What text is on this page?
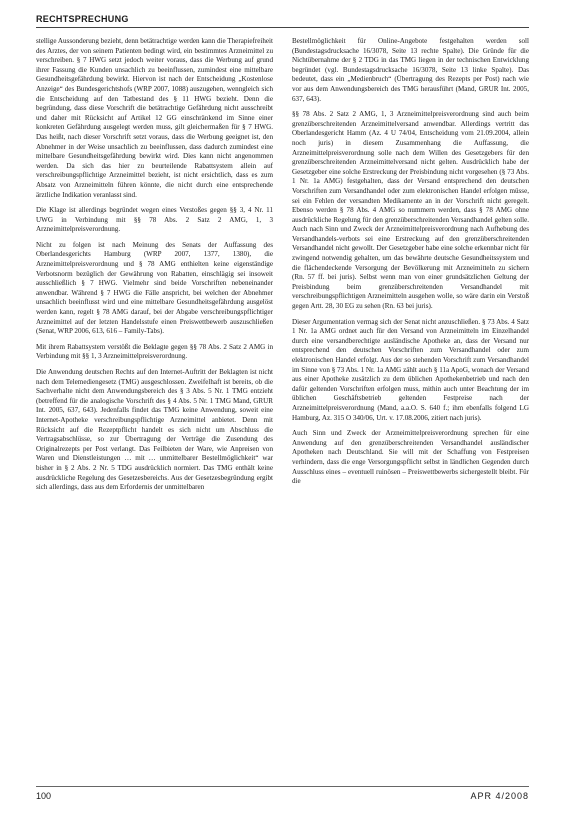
RECHTSPRECHUNG

stellige Aussonderung bezieht, denn betätrachtige werden kann die Therapiefreiheit des Arztes, der von seinem Patienten bedingt wird, ein bestimmtes Arzneimittel zu verschreiben. § 7 HWG setzt jedoch weiter voraus, dass die Werbung auf grund ihrer Fassung die Kunden unsachlich zu beeinflussen, zumindest eine mittelbare Gesundheitsgefährdung bewirkt. Hiervon ist nach der Entscheidung „Kostenlose Anzeige“ des Bundesgerichtshofs (WRP 2007, 1088) auszugehen, wenngleich sich die Entscheidung auf den Tatbestand des § 11 HWG bezieht. Denn die begründung, dass diese Vorschrift die betätrachtige Gefährdung nicht ausschreibt und daher mit Rücksicht auf Artikel 12 GG einschränkend im Sinne einer konkreten Gefährdung ausgelegt werden muss, gilt gleichermaßen für § 7 HWG. Das heißt, nach dieser Vorschrift setzt voraus, dass die Werbung geeignet ist, den Abnehmer in der Weise unsachlich zu beeinflussen, dass dadurch zumindest eine mittelbare Gesundheitsgefährdung bewirkt wird. Dies kann nicht angenommen werden. Da sich das hier zu beurteilende Rabattsystem allein auf verschreibungspflichtige Arzneimittel bezieht, ist nicht ersichtlich, dass es zum Absatz von Arzneimitteln führen könnte, die nicht durch eine entsprechende ärztliche Indikation veranlasst sind.

Die Klage ist allerdings begründet wegen eines Verstoßes gegen §§ 3, 4 Nr. 11 UWG in Verbindung mit §§ 78 Abs. 2 Satz 2 AMG, 1, 3 Arzneimittelpreisverordnung.

Nicht zu folgen ist nach Meinung des Senats der Auffassung des Oberlandesgerichts Hamburg (WRP 2007, 1377, 1380), die Arzneimittelpreisverordnung und § 78 AMG enthielten keine eigenständige Verbotsnorm bezüglich der Gewährung von Rabatten, einschlägig sei insoweit ausschließlich § 7 HWG. Vielmehr sind beide Vorschriften nebeneinander anwendbar. Während § 7 HWG die Fälle anspricht, bei welchen der Abnehmer unsachlich beeinflusst wird und eine mittelbare Gesundheitsgefährdung ausgelöst werden kann, regelt § 78 AMG darauf, bei der Abgabe verschreibungspflichtiger Arzneimittel auf der letzten Handelsstufe einen Preiswettbewerb auszuschließen (Senat, WRP 2006, 613, 616 – Family-Tabs).

Mit ihrem Rabattsystem verstößt die Beklagte gegen §§ 78 Abs. 2 Satz 2 AMG in Verbindung mit §§ 1, 3 Arzneimittelpreisverordnung.

Die Anwendung deutschen Rechts auf den Internet-Auftritt der Beklagten ist nicht nach dem Telemediengesetz (TMG) ausgeschlossen. Zweifelhaft ist bereits, ob die Sachverhalte nicht dem Anwendungsbereich des § 3 Abs. 5 Nr. 1 TMG entzieht (betreffend für die analogische Vorschrift des § 4 Abs. 5 Nr. 1 TMG Mand, GRUR Int. 2005, 637, 643). Jedenfalls findet das TMG keine Anwendung, soweit eine Internet-Apotheke verschreibungspflichtige Arzneimittel anbietet. Denn mit Rücksicht auf die Rezeptpflicht handelt es sich nicht um Abschluss die Vertragsabschlüsse, so zur Übertragung der Verträge die Zusendung des Originalrezepts per Post verlangt. Das Feilbieten der Ware, wie Anpreisen von Waren und Dienstleistungen … mit … unmittelbarer Bestellmöglichkeit“ war bisher in § 2 Abs. 2 Nr. 5 TDG ausdrücklich normiert. Das TMG enthält keine ausdrückliche Regelung des Gesetzesbereichs. Aus der Gesetzesbegründung ergibt sich allerdings, dass aus dem Erfordernis der unmittelbaren

Bestellmöglichkeit für Online-Angebote festgehalten werden soll (Bundestagsdrucksache 16/3078, Seite 13 rechte Spalte). Die Gründe für die Nichtübernahme der § 2 TDG in das TMG liegen in der technischen Entwicklung begründet (vgl. Bundestagsdrucksache 16/3078, Seite 13 linke Spalte). Das bedeutet, dass ein „Medienbruch“ (Übertragung des Rezepts per Post) nach wie vor aus dem Anwendungsbereich des TMG herausführt (Mand, GRUR Int. 2005, 637, 643).

§§ 78 Abs. 2 Satz 2 AMG, 1, 3 Arzneimittelpreisverordnung sind auch beim grenzüberschreitenden Arzneimittelversand anwendbar. Allerdings vertritt das Oberlandesgericht Hamm (Az. 4 U 74/04, Entscheidung vom 21.09.2004, allein noch juris) in diesem Zusammenhang die Auffassung, die Arzneimittelpreisverordnung solle nach dem Willen des Gesetzgebers für den grenzüberschreitenden Arzneimittelversand nicht gelten. Ausdrücklich habe der Gesetzgeber eine solche Erstreckung der Preisbindung nicht vorgesehen (§ 73 Abs. 1 Nr. 1a AMG) festgehalten, dass der Versand entsprechend den deutschen Vorschriften zum Versandhandel oder zum elektronischen Handel erfolgen müsse, sei ein Fehlen der versandten Medikamente an in der Vorschrift nicht geregelt. Ebenso werden § 78 Abs. 4 AMG so nummern werden, dass § 78 AMG ohne ausdrückliche Regelung für den grenzüberschreitenden Versandhandel gelten solle. Auch nach Sinn und Zweck der Arzneimittelpreisverordnung nach Aufhebung des Versandhandels-verbots sei eine Erstreckung auf den grenzüberschreitenden Versandhandel nicht gewollt. Der Gesetzgeber habe eine solche erkennbar nicht für zwingend notwendig gehalten, um das bewährte deutsche Gesundheitssystem und die flächendeckende Versorgung der Bevölkerung mit Arzneimitteln zu sichern (Rn. 57 ff. bei juris). Selbst wenn man von einer grundsätzlichen Geltung der Preisbindung beim grenzüberschreitenden Versandhandel mit verschreibungspflichtigen Arzneimitteln ausgehen wolle, so wäre darin ein Verstoß gegen Artt. 28, 30 EG zu sehen (Rn. 63 bei juris).

Dieser Argumentation vermag sich der Senat nicht anzuschließen. § 73 Abs. 4 Satz 1 Nr. 1a AMG ordnet auch für den Versand von Arzneimitteln im Einzelhandel durch eine versandberechtigte ausländische Apotheke an, dass der Versand nur entsprechend den deutschen Vorschriften zum Versandhandel oder zum elektronischen Handel erfolgt. Aus der so stehenden Vorschrift zum Versandhandel im Sinne von § 73 Abs. 1 Nr. 1a AMG zählt auch § 11a ApoG, wonach der Versand aus einer Apotheke zusätzlich zu dem üblichen Apothekenbetrieb und nach den dafür geltenden Vorschriften erfolgen muss, mithin auch unter Beachtung der im üblichen Geschäftsbetrieb geltenden Festpreise nach der Arzneimittelpreisverordnung (Mand, a.a.O. S. 640 f.; ihm ebenfalls folgend LG Hamburg, Az. 315 O 340/06, Urt. v. 17.08.2006, zitiert nach juris).

Auch Sinn und Zweck der Arzneimittelpreisverordnung sprechen für eine Anwendung auf den grenzüberschreitenden Versandhandel ausländischer Apotheken nach Deutschland. Sie will mit der Schaffung von Festpreisen verhindern, dass die enge Versorgungspflicht selbst in ländlichen Gegenden durch Ausschluss eines – eventuell ruinösen – Preiswettbewerbs sichergestellt bleibt. Für die

100	APR 4/2008
